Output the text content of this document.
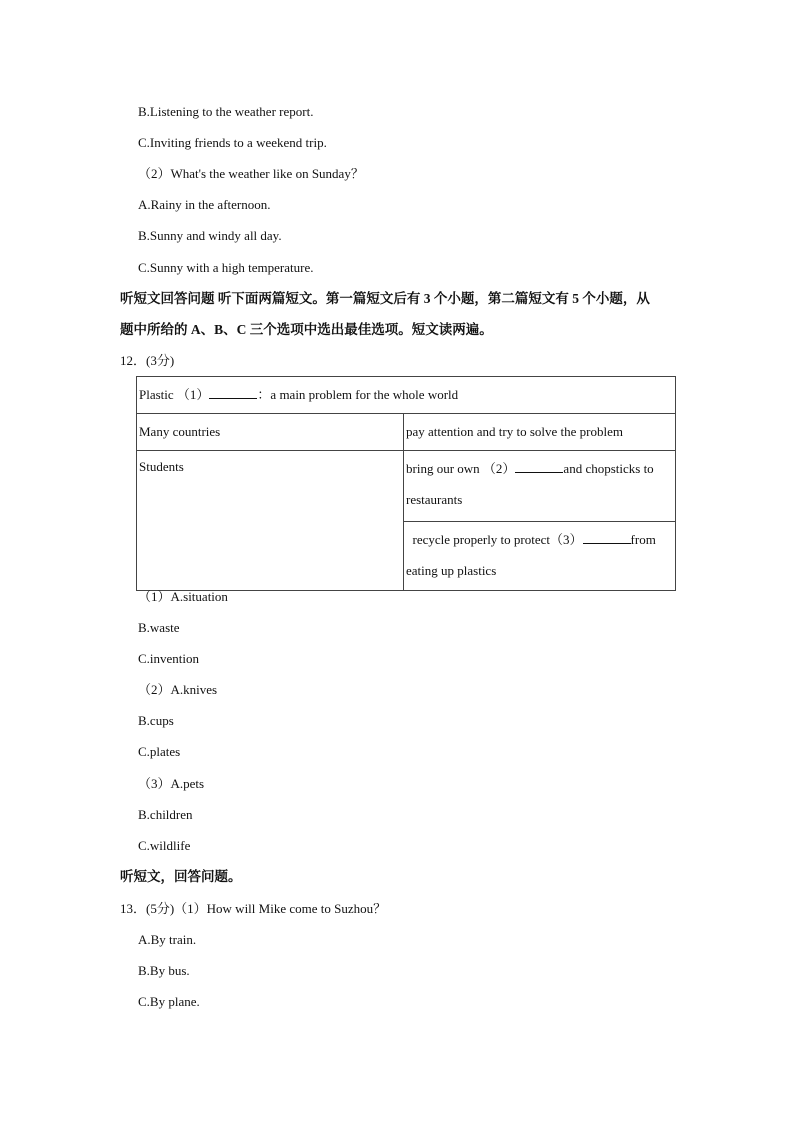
B.Listening to the weather report.
C.Inviting friends to a weekend trip.
（2）What's the weather like on Sunday？
A.Rainy in the afternoon.
B.Sunny and windy all day.
C.Sunny with a high temperature.
听短文回答问题 听下面两篇短文。第一篇短文后有 3 个小题，第二篇短文有 5 个小题，从
题中所给的 A、B、C 三个选项中选出最佳选项。短文读两遍。
12．(3分)
Plastic （1） ：a main problem for the whole world	
Many countries	pay attention and try to solve the problem
Students	bring our own （2） and chopsticks to
restaurants
	recycle properly to protect（3） from
eating up plastics
（1）A.situation
B.waste
C.invention
（2）A.knives
B.cups
C.plates
（3）A.pets
B.children
C.wildlife
听短文，回答问题。
13．(5分)（1）How will Mike come to Suzhou？
A.By train.
B.By bus.
C.By plane.
